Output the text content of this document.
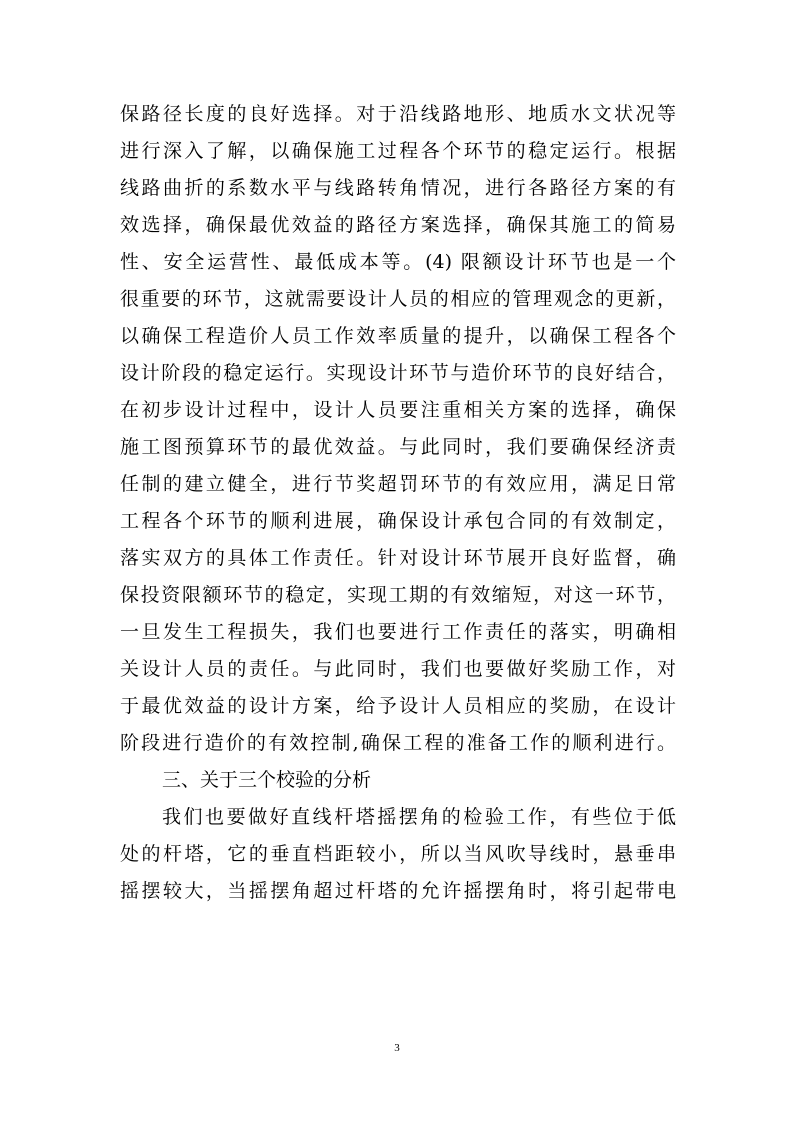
保路径长度的良好选择。对于沿线路地形、地质水文状况等
进行深入了解，以确保施工过程各个环节的稳定运行。根据
线路曲折的系数水平与线路转角情况，进行各路径方案的有
效选择，确保最优效益的路径方案选择，确保其施工的简易
性、安全运营性、最低成本等。(4) 限额设计环节也是一个
很重要的环节，这就需要设计人员的相应的管理观念的更新，
以确保工程造价人员工作效率质量的提升，以确保工程各个
设计阶段的稳定运行。实现设计环节与造价环节的良好结合，
在初步设计过程中，设计人员要注重相关方案的选择，确保
施工图预算环节的最优效益。与此同时，我们要确保经济责
任制的建立健全，进行节奖超罚环节的有效应用，满足日常
工程各个环节的顺利进展，确保设计承包合同的有效制定，
落实双方的具体工作责任。针对设计环节展开良好监督，确
保投资限额环节的稳定，实现工期的有效缩短，对这一环节，
一旦发生工程损失，我们也要进行工作责任的落实，明确相
关设计人员的责任。与此同时，我们也要做好奖励工作，对
于最优效益的设计方案，给予设计人员相应的奖励，在设计
阶段进行造价的有效控制,确保工程的准备工作的顺利进行。
三、关于三个校验的分析
我们也要做好直线杆塔摇摆角的检验工作，有些位于低
处的杆塔，它的垂直档距较小，所以当风吹导线时，悬垂串
摇摆较大，当摇摆角超过杆塔的允许摇摆角时，将引起带电
3
